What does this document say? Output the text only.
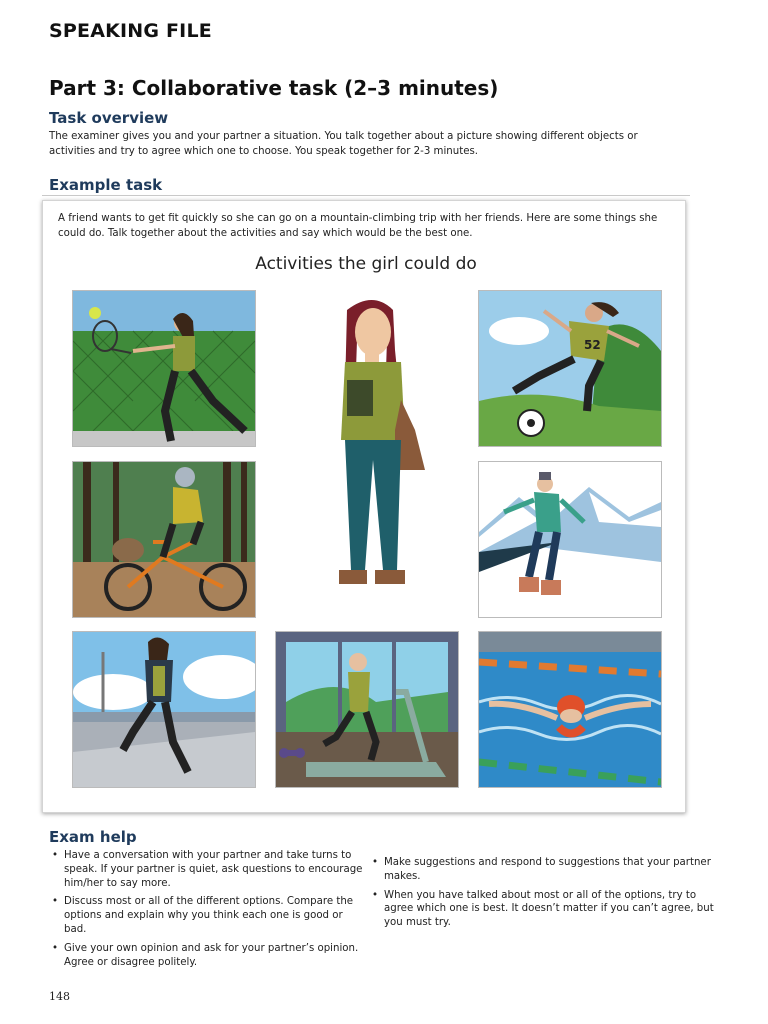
SPEAKING FILE
Part 3: Collaborative task (2–3 minutes)
Task overview
The examiner gives you and your partner a situation. You talk together about a picture showing different objects or activities and try to agree which one to choose. You speak together for 2-3 minutes.
Example task
A friend wants to get fit quickly so she can go on a mountain-climbing trip with her friends. Here are some things she could do. Talk together about the activities and say which would be the best one.
Activities the girl could do
52
Exam help
• Have a conversation with your partner and take turns to speak. If your partner is quiet, ask questions to encourage him/her to say more.
• Discuss most or all of the different options. Compare the options and explain why you think each one is good or bad.
• Give your own opinion and ask for your partner’s opinion. Agree or disagree politely.
• Make suggestions and respond to suggestions that your partner makes.
• When you have talked about most or all of the options, try to agree which one is best. It doesn’t matter if you can’t agree, but you must try.
148
